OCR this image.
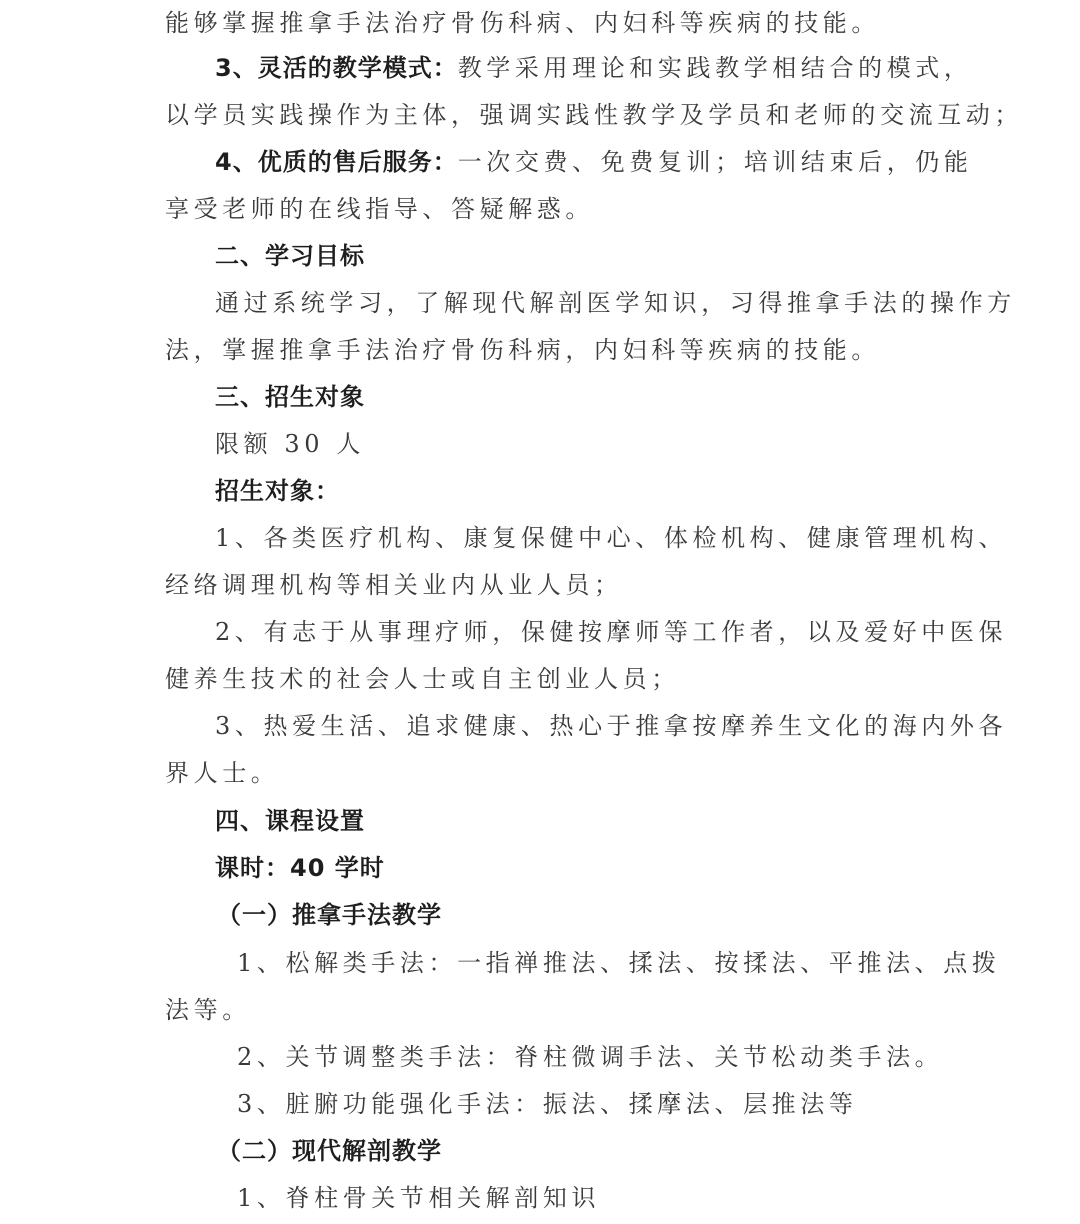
能够掌握推拿手法治疗骨伤科病、内妇科等疾病的技能。
3、灵活的教学模式：教学采用理论和实践教学相结合的模式，
以学员实践操作为主体，强调实践性教学及学员和老师的交流互动；
4、优质的售后服务：一次交费、免费复训；培训结束后，仍能
享受老师的在线指导、答疑解惑。
二、学习目标
通过系统学习，了解现代解剖医学知识，习得推拿手法的操作方
法，掌握推拿手法治疗骨伤科病，内妇科等疾病的技能。
三、招生对象
限额 30 人
招生对象：
1、各类医疗机构、康复保健中心、体检机构、健康管理机构、
经络调理机构等相关业内从业人员；
2、有志于从事理疗师，保健按摩师等工作者，以及爱好中医保
健养生技术的社会人士或自主创业人员；
3、热爱生活、追求健康、热心于推拿按摩养生文化的海内外各
界人士。
四、课程设置
课时：40 学时
（一）推拿手法教学
1、松解类手法：一指禅推法、揉法、按揉法、平推法、点拨
法等。
2、关节调整类手法：脊柱微调手法、关节松动类手法。
3、脏腑功能强化手法：振法、揉摩法、层推法等
（二）现代解剖教学
1、脊柱骨关节相关解剖知识
